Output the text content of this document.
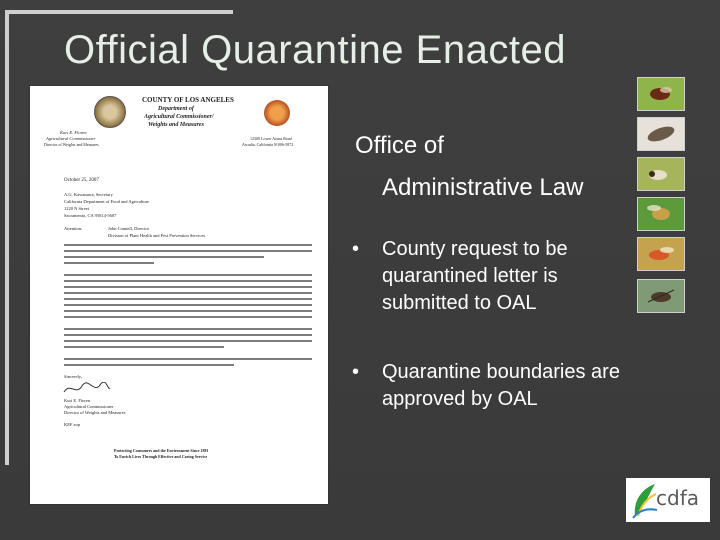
Official Quarantine Enacted
COUNTY OF LOS ANGELES
Department of
Agricultural Commissioner/
Weights and Measures
Kurt E. Floren
Agricultural Commissioner
Director of Weights and Measures
12300 Lower Azusa Road
Arcadia, California 91006-5872
October 25, 2007
A.G. Kawamura, Secretary
California Department of Food and Agriculture
1220 N Street
Sacramento, CA 95814-5607
Attention:	John Connell, Director
Division of Plant Health and Pest Prevention Services
Sincerely,
Kurt E. Floren
Agricultural Commissioner
Director of Weights and Measures
KEF:sop
Protecting Consumers and the Environment Since 1881
To Enrich Lives Through Effective and Caring Service
Office of
Administrative Law
• County request to be quarantined letter is submitted to OAL
• Quarantine boundaries are approved by OAL
cdfa
